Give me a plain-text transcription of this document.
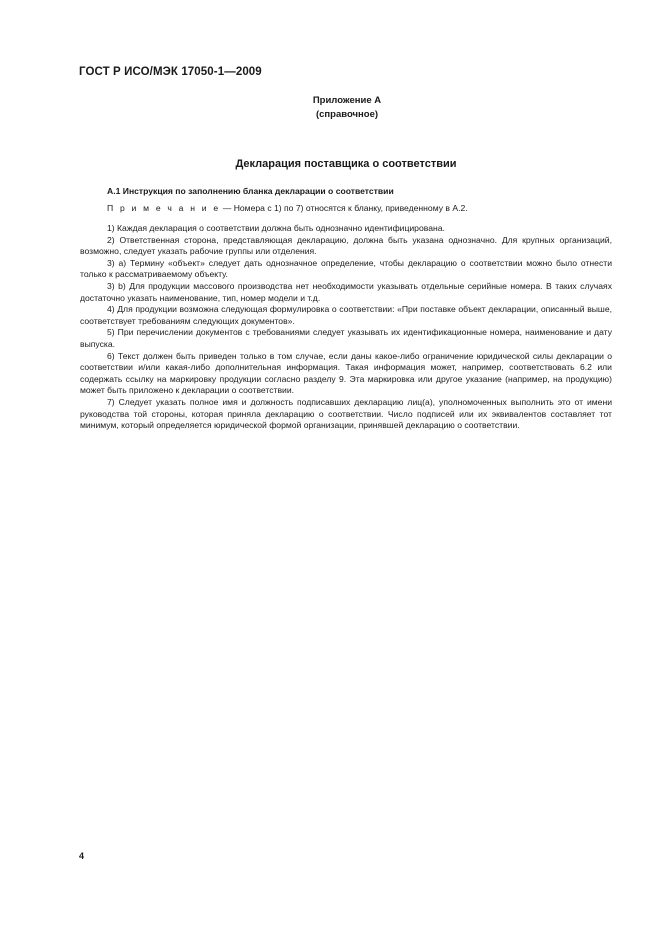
ГОСТ Р ИСО/МЭК 17050-1—2009
Приложение А
(справочное)
Декларация поставщика о соответствии
А.1 Инструкция по заполнению бланка декларации о соответствии
П р и м е ч а н и е — Номера с 1) по 7) относятся к бланку, приведенному в А.2.

1) Каждая декларация о соответствии должна быть однозначно идентифицирована.

2) Ответственная сторона, представляющая декларацию, должна быть указана однозначно. Для крупных организаций, возможно, следует указать рабочие группы или отделения.

3) а) Термину «объект» следует дать однозначное определение, чтобы декларацию о соответствии можно было отнести только к рассматриваемому объекту.

3) b) Для продукции массового производства нет необходимости указывать отдельные серийные номера. В таких случаях достаточно указать наименование, тип, номер модели и т.д.

4) Для продукции возможна следующая формулировка о соответствии: «При поставке объект декларации, описанный выше, соответствует требованиям следующих документов».

5) При перечислении документов с требованиями следует указывать их идентификационные номера, наименование и дату выпуска.

6) Текст должен быть приведен только в том случае, если даны какое-либо ограничение юридической силы декларации о соответствии и/или какая-либо дополнительная информация. Такая информация может, например, соответствовать 6.2 или содержать ссылку на маркировку продукции согласно разделу 9. Эта маркировка или другое указание (например, на продукцию) может быть приложено к декларации о соответствии.

7) Следует указать полное имя и должность подписавших декларацию лиц(а), уполномоченных выполнить это от имени руководства той стороны, которая приняла декларацию о соответствии. Число подписей или их эквивалентов составляет тот минимум, который определяется юридической формой организации, принявшей декларацию о соответствии.

4
